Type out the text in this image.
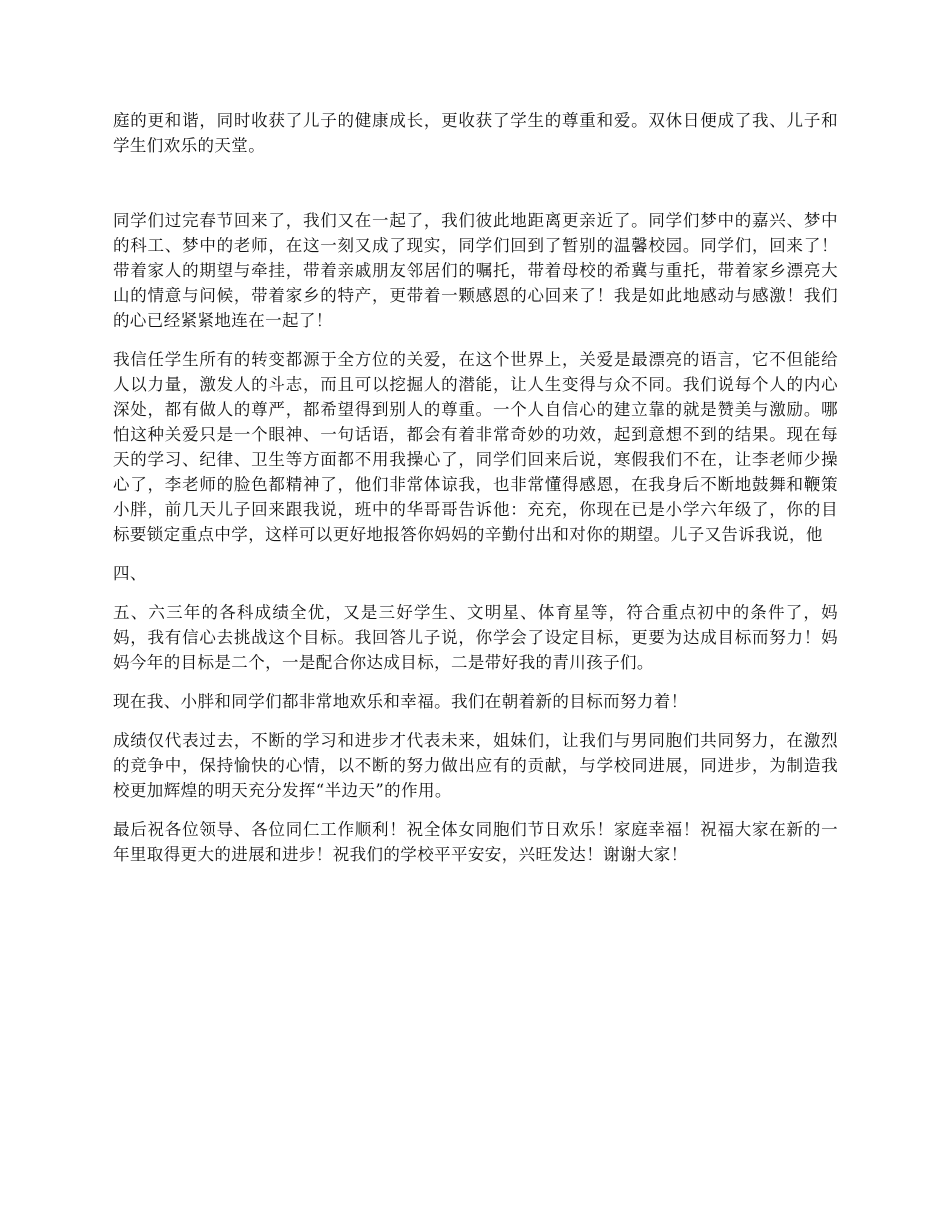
庭的更和谐，同时收获了儿子的健康成长，更收获了学生的尊重和爱。双休日便成了我、儿子和学生们欢乐的天堂。

同学们过完春节回来了，我们又在一起了，我们彼此地距离更亲近了。同学们梦中的嘉兴、梦中的科工、梦中的老师，在这一刻又成了现实，同学们回到了暂别的温馨校园。同学们，回来了！带着家人的期望与牵挂，带着亲戚朋友邻居们的嘱托，带着母校的希冀与重托，带着家乡漂亮大山的情意与问候，带着家乡的特产，更带着一颗感恩的心回来了！我是如此地感动与感激！我们的心已经紧紧地连在一起了！

我信任学生所有的转变都源于全方位的关爱，在这个世界上，关爱是最漂亮的语言，它不但能给人以力量，激发人的斗志，而且可以挖掘人的潜能，让人生变得与众不同。我们说每个人的内心深处，都有做人的尊严，都希望得到别人的尊重。一个人自信心的建立靠的就是赞美与激励。哪怕这种关爱只是一个眼神、一句话语，都会有着非常奇妙的功效，起到意想不到的结果。现在每天的学习、纪律、卫生等方面都不用我操心了，同学们回来后说，寒假我们不在，让李老师少操心了，李老师的脸色都精神了，他们非常体谅我，也非常懂得感恩，在我身后不断地鼓舞和鞭策小胖，前几天儿子回来跟我说，班中的华哥哥告诉他：充充，你现在已是小学六年级了，你的目标要锁定重点中学，这样可以更好地报答你妈妈的辛勤付出和对你的期望。儿子又告诉我说，他

四、

五、六三年的各科成绩全优，又是三好学生、文明星、体育星等，符合重点初中的条件了，妈妈，我有信心去挑战这个目标。我回答儿子说，你学会了设定目标，更要为达成目标而努力！妈妈今年的目标是二个，一是配合你达成目标，二是带好我的青川孩子们。

现在我、小胖和同学们都非常地欢乐和幸福。我们在朝着新的目标而努力着！

成绩仅代表过去，不断的学习和进步才代表未来，姐妹们，让我们与男同胞们共同努力，在激烈的竞争中，保持愉快的心情，以不断的努力做出应有的贡献，与学校同进展，同进步，为制造我校更加辉煌的明天充分发挥“半边天”的作用。

最后祝各位领导、各位同仁工作顺利！祝全体女同胞们节日欢乐！家庭幸福！祝福大家在新的一年里取得更大的进展和进步！祝我们的学校平平安安，兴旺发达！谢谢大家！
